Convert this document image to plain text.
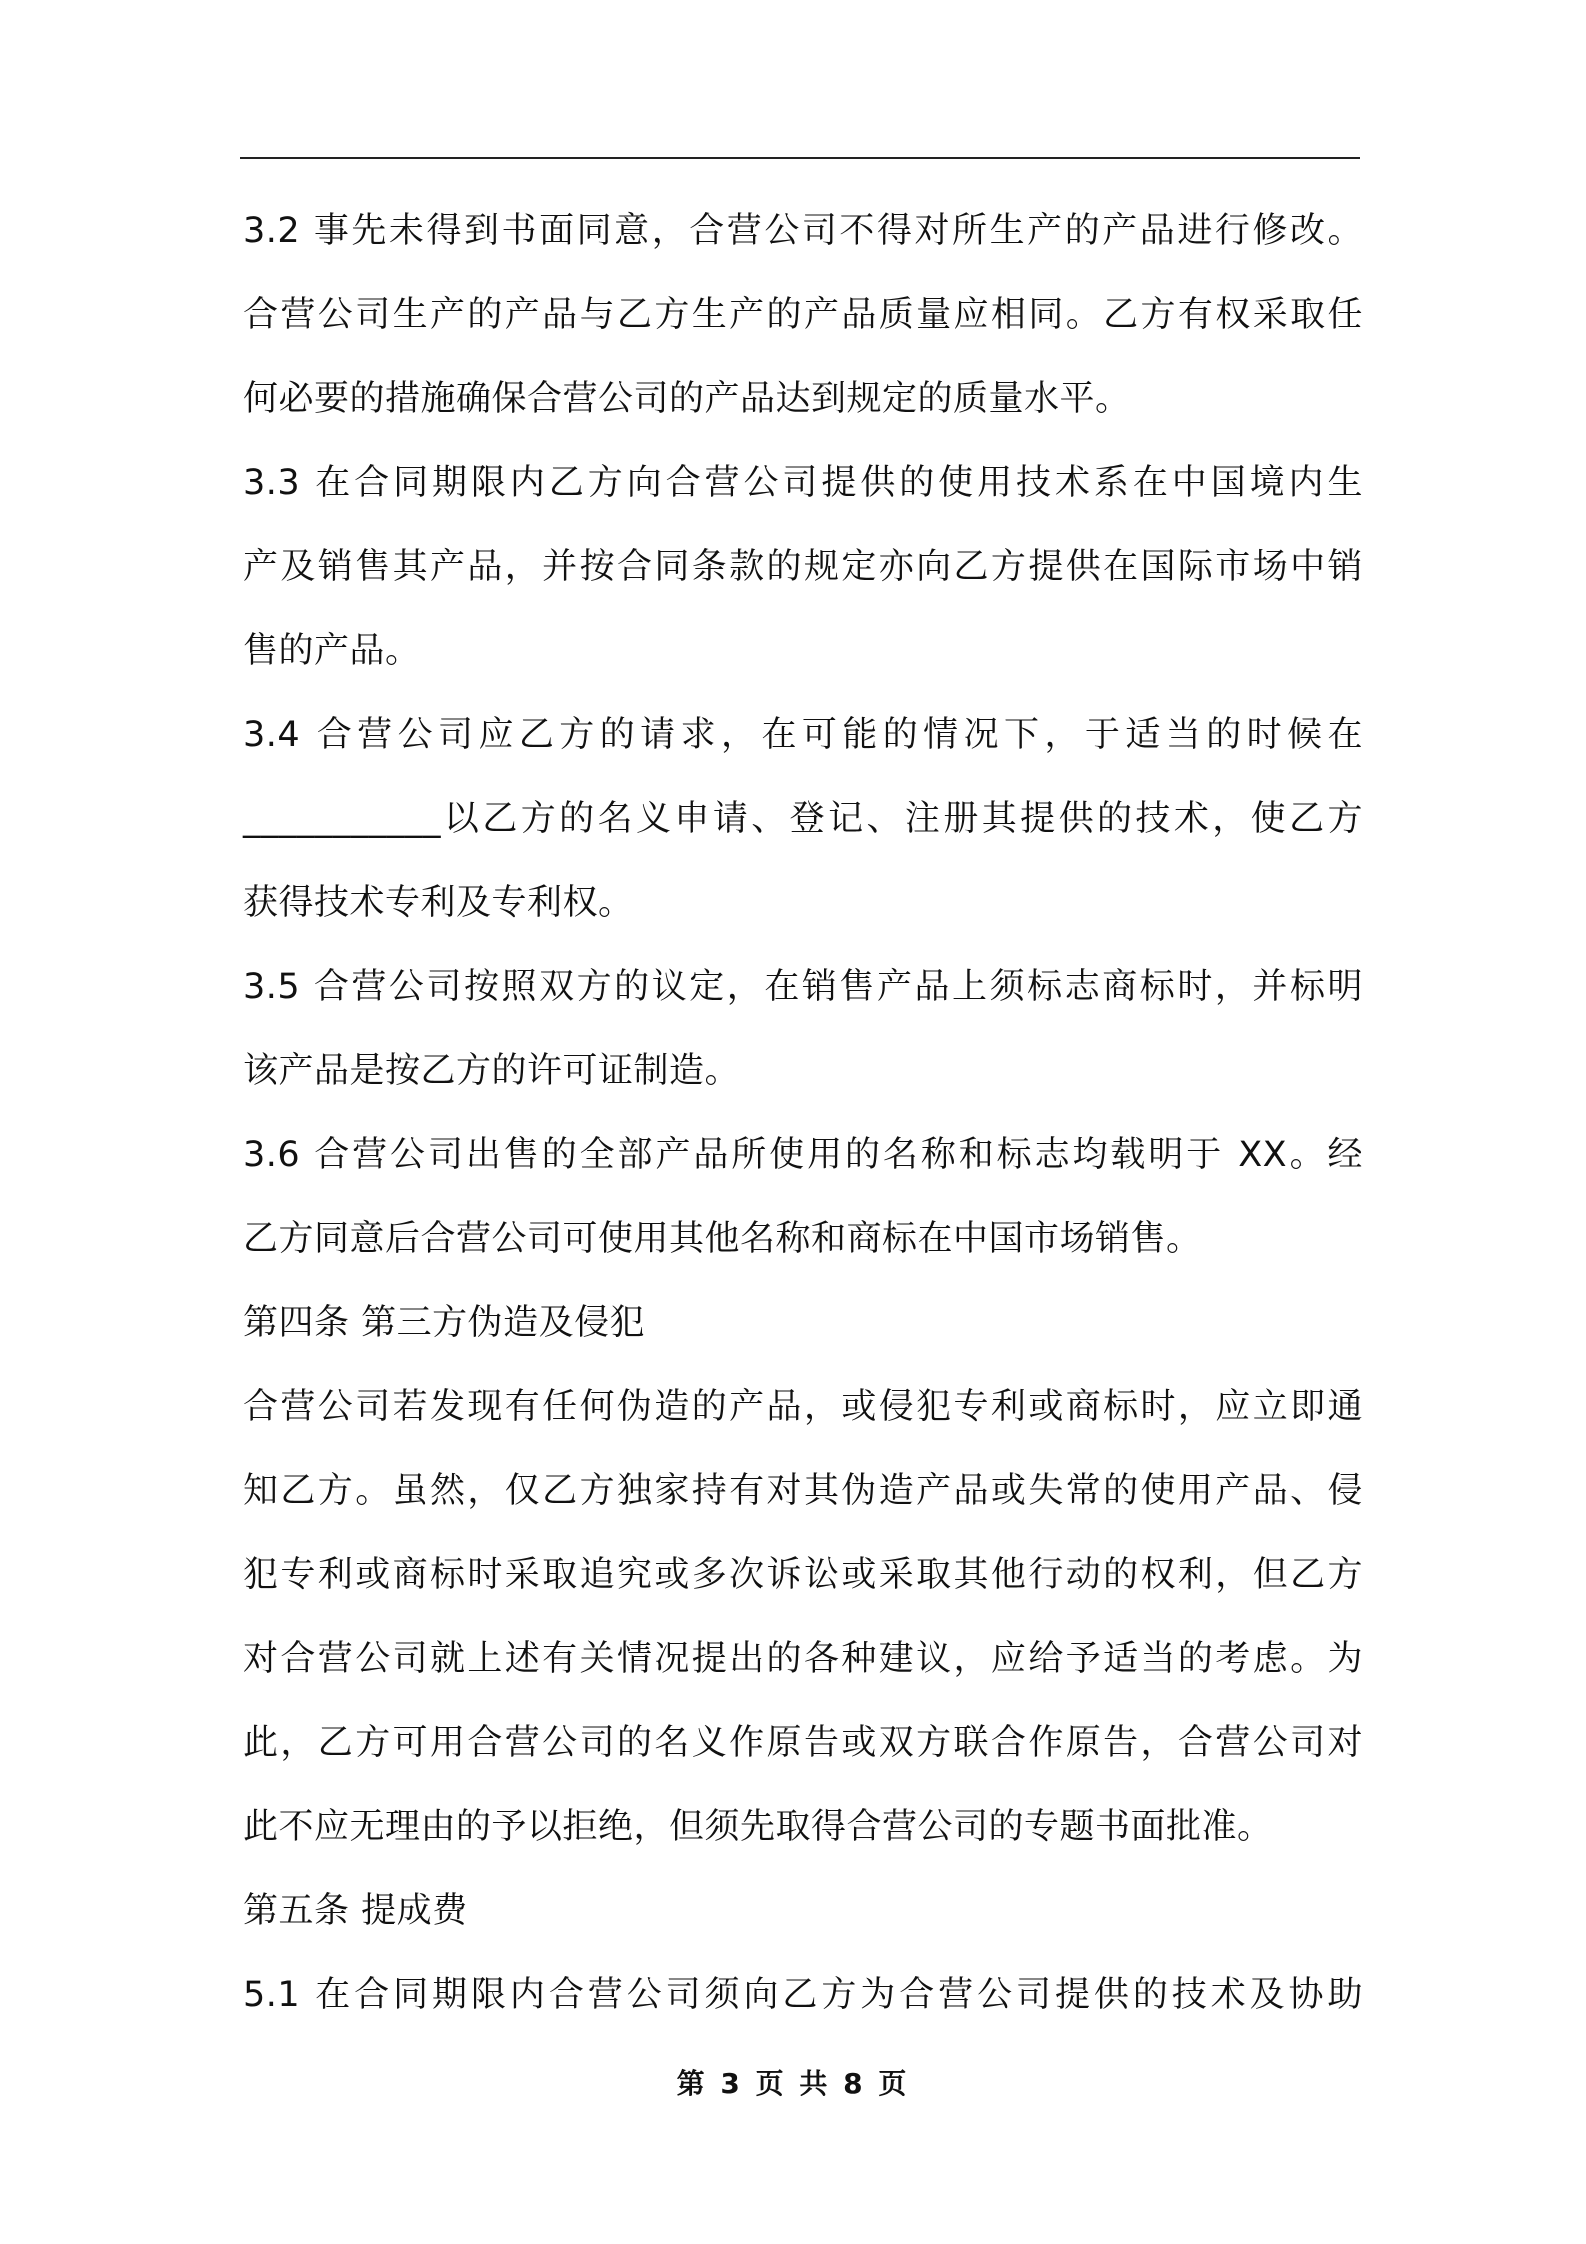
3.2 事先未得到书面同意，合营公司不得对所生产的产品进行修改。
合营公司生产的产品与乙方生产的产品质量应相同。乙方有权采取任
何必要的措施确保合营公司的产品达到规定的质量水平。
3.3 在合同期限内乙方向合营公司提供的使用技术系在中国境内生
产及销售其产品，并按合同条款的规定亦向乙方提供在国际市场中销
售的产品。
3.4 合营公司应乙方的请求，在可能的情况下，于适当的时候在
___________以乙方的名义申请、登记、注册其提供的技术，使乙方
获得技术专利及专利权。
3.5 合营公司按照双方的议定，在销售产品上须标志商标时，并标明
该产品是按乙方的许可证制造。
3.6 合营公司出售的全部产品所使用的名称和标志均载明于 XX。经
乙方同意后合营公司可使用其他名称和商标在中国市场销售。
第四条 第三方伪造及侵犯
合营公司若发现有任何伪造的产品，或侵犯专利或商标时，应立即通
知乙方。虽然，仅乙方独家持有对其伪造产品或失常的使用产品、侵
犯专利或商标时采取追究或多次诉讼或采取其他行动的权利，但乙方
对合营公司就上述有关情况提出的各种建议，应给予适当的考虑。为
此，乙方可用合营公司的名义作原告或双方联合作原告，合营公司对
此不应无理由的予以拒绝，但须先取得合营公司的专题书面批准。
第五条 提成费
5.1 在合同期限内合营公司须向乙方为合营公司提供的技术及协助
第 3 页 共 8 页
